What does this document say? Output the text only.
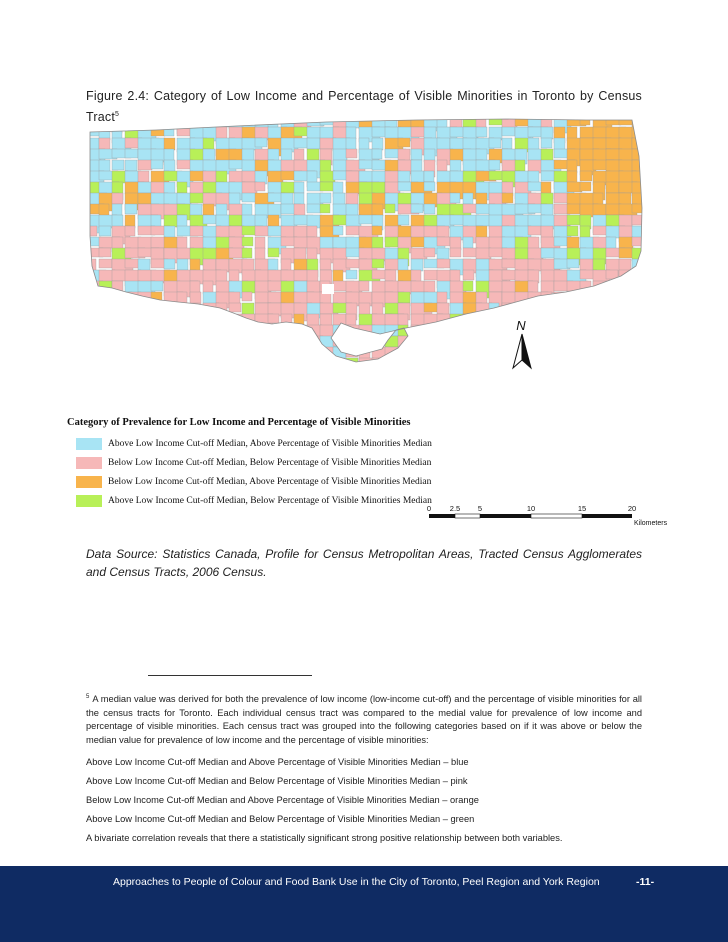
Figure 2.4: Category of Low Income and Percentage of Visible Minorities in Toronto by Census Tract$^5$
N
Category of Prevalence for Low Income and Percentage of Visible Minorities
Above Low Income Cut-off Median, Above Percentage of Visible Minorities Median
Below Low Income Cut-off Median, Below Percentage of Visible Minorities Median
Below Low Income Cut-off Median, Above Percentage of Visible Minorities Median
Above Low Income Cut-off Median, Below Percentage of Visible Minorities Median
0 2.5 5	10	15	20
Kilometers
Data Source: Statistics Canada, Profile for Census Metropolitan Areas, Tracted Census Agglomerates and Census Tracts, 2006 Census.

$^5$ A median value was derived for both the prevalence of low income (low-income cut-off) and the percentage of visible minorities for all the census tracts for Toronto. Each individual census tract was compared to the medial value for prevalence of low income and percentage of visible minorities. Each census tract was grouped into the following categories based on if it was above or below the median value for prevalence of low income and the percentage of visible minorities:

Above Low Income Cut-off Median and Above Percentage of Visible Minorities Median – blue

Above Low Income Cut-off Median and Below Percentage of Visible Minorities Median – pink

Below Low Income Cut-off Median and Above Percentage of Visible Minorities Median – orange

Above Low Income Cut-off Median and Below Percentage of Visible Minorities Median – green

A bivariate correlation reveals that there a statistically significant strong positive relationship between both variables.

Approaches to People of Colour and Food Bank Use in the City of Toronto, Peel Region and York Region	-11-
